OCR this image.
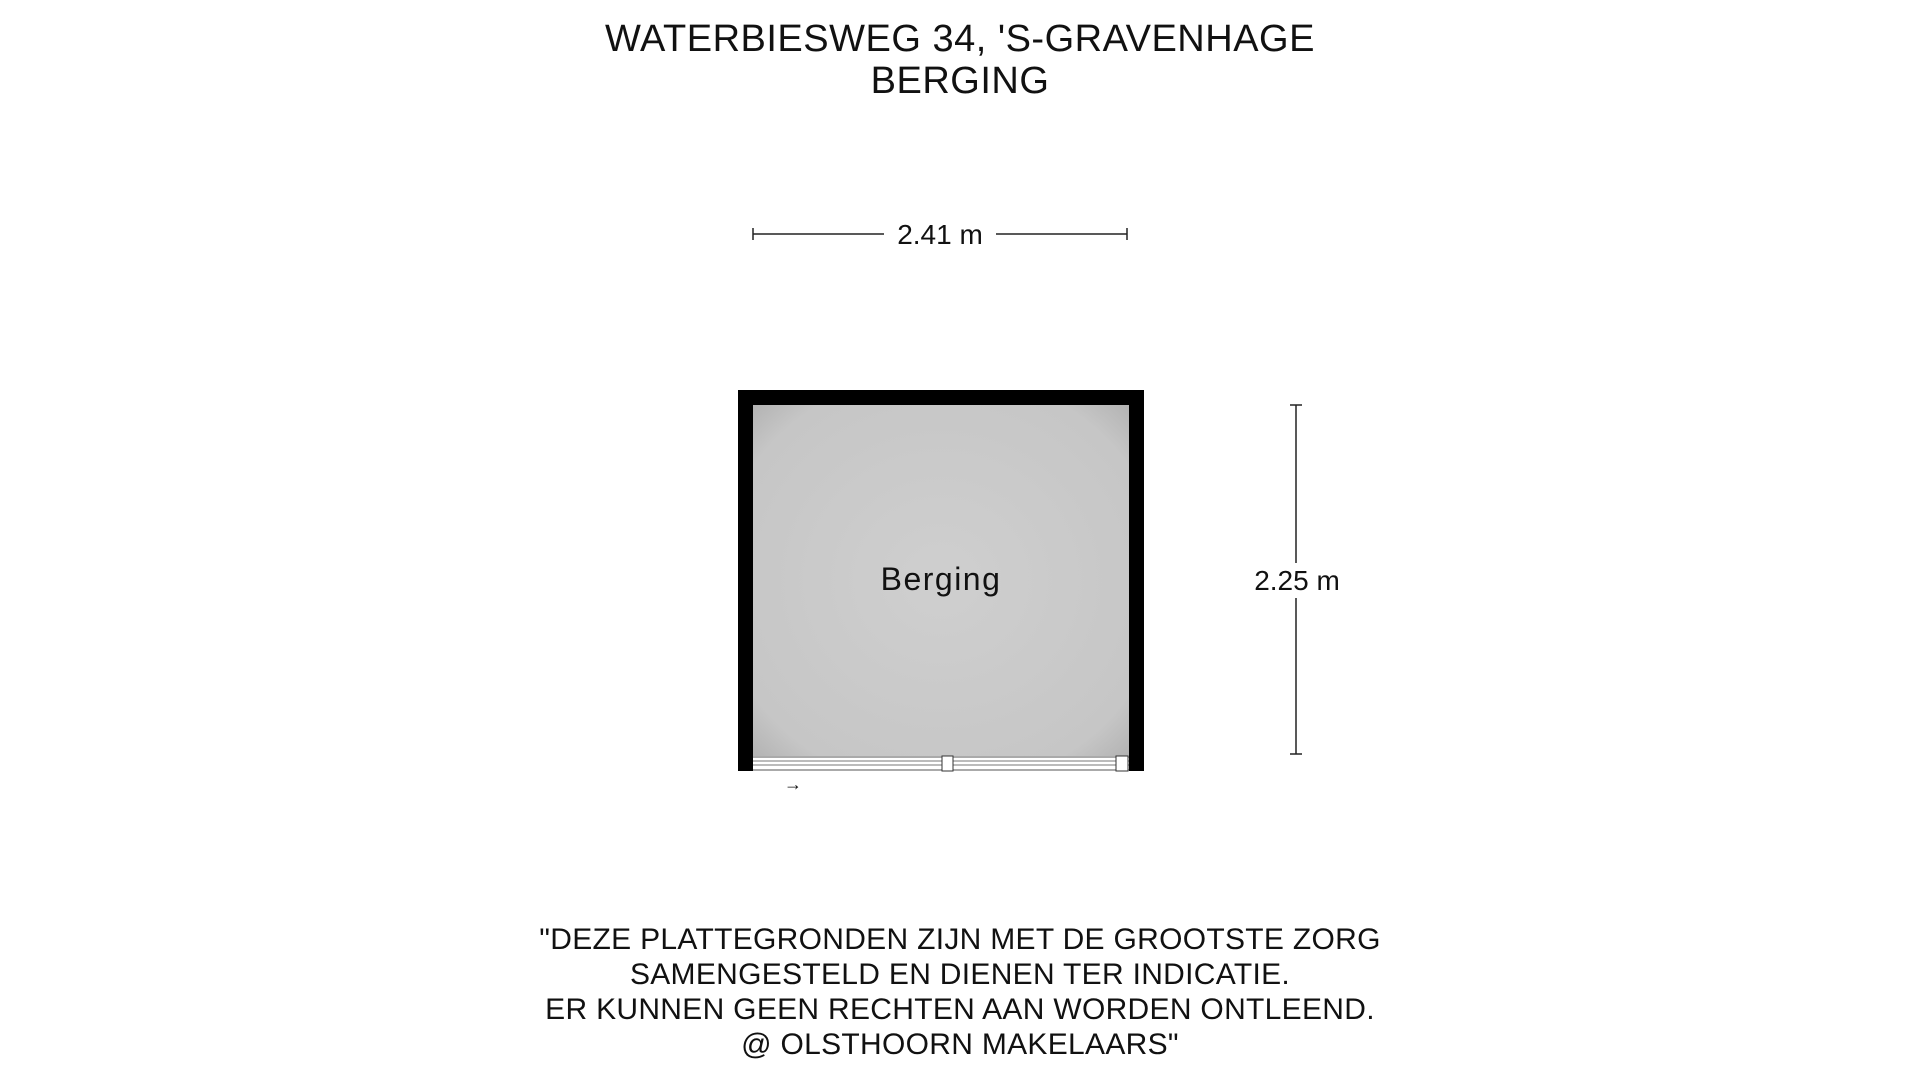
WATERBIESWEG 34, 'S-GRAVENHAGE
BERGING
2.41 m
2.25 m
Berging
→
"DEZE PLATTEGRONDEN ZIJN MET DE GROOTSTE ZORG
SAMENGESTELD EN DIENEN TER INDICATIE.
ER KUNNEN GEEN RECHTEN AAN WORDEN ONTLEEND.
@ OLSTHOORN MAKELAARS"
